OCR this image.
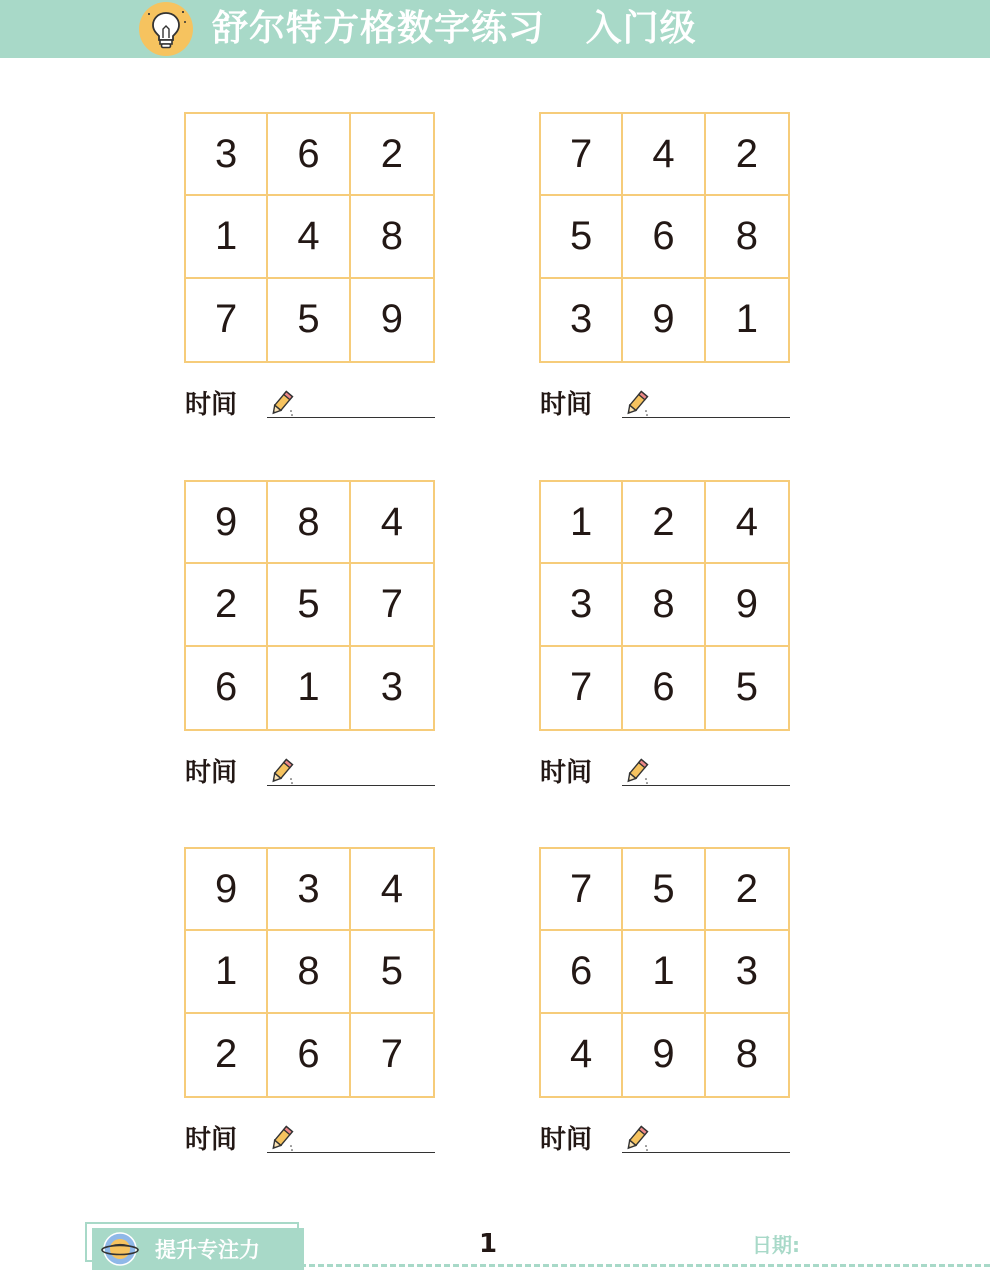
舒尔特方格数字练习   入门级
3	6	2
1	4	8
7	5	9
时间
7	4	2
5	6	8
3	9	1
时间
9	8	4
2	5	7
6	1	3
时间
1	2	4
3	8	9
7	6	5
时间
9	3	4
1	8	5
2	6	7
时间
7	5	2
6	1	3
4	9	8
时间
提升专注力	1	日期:
